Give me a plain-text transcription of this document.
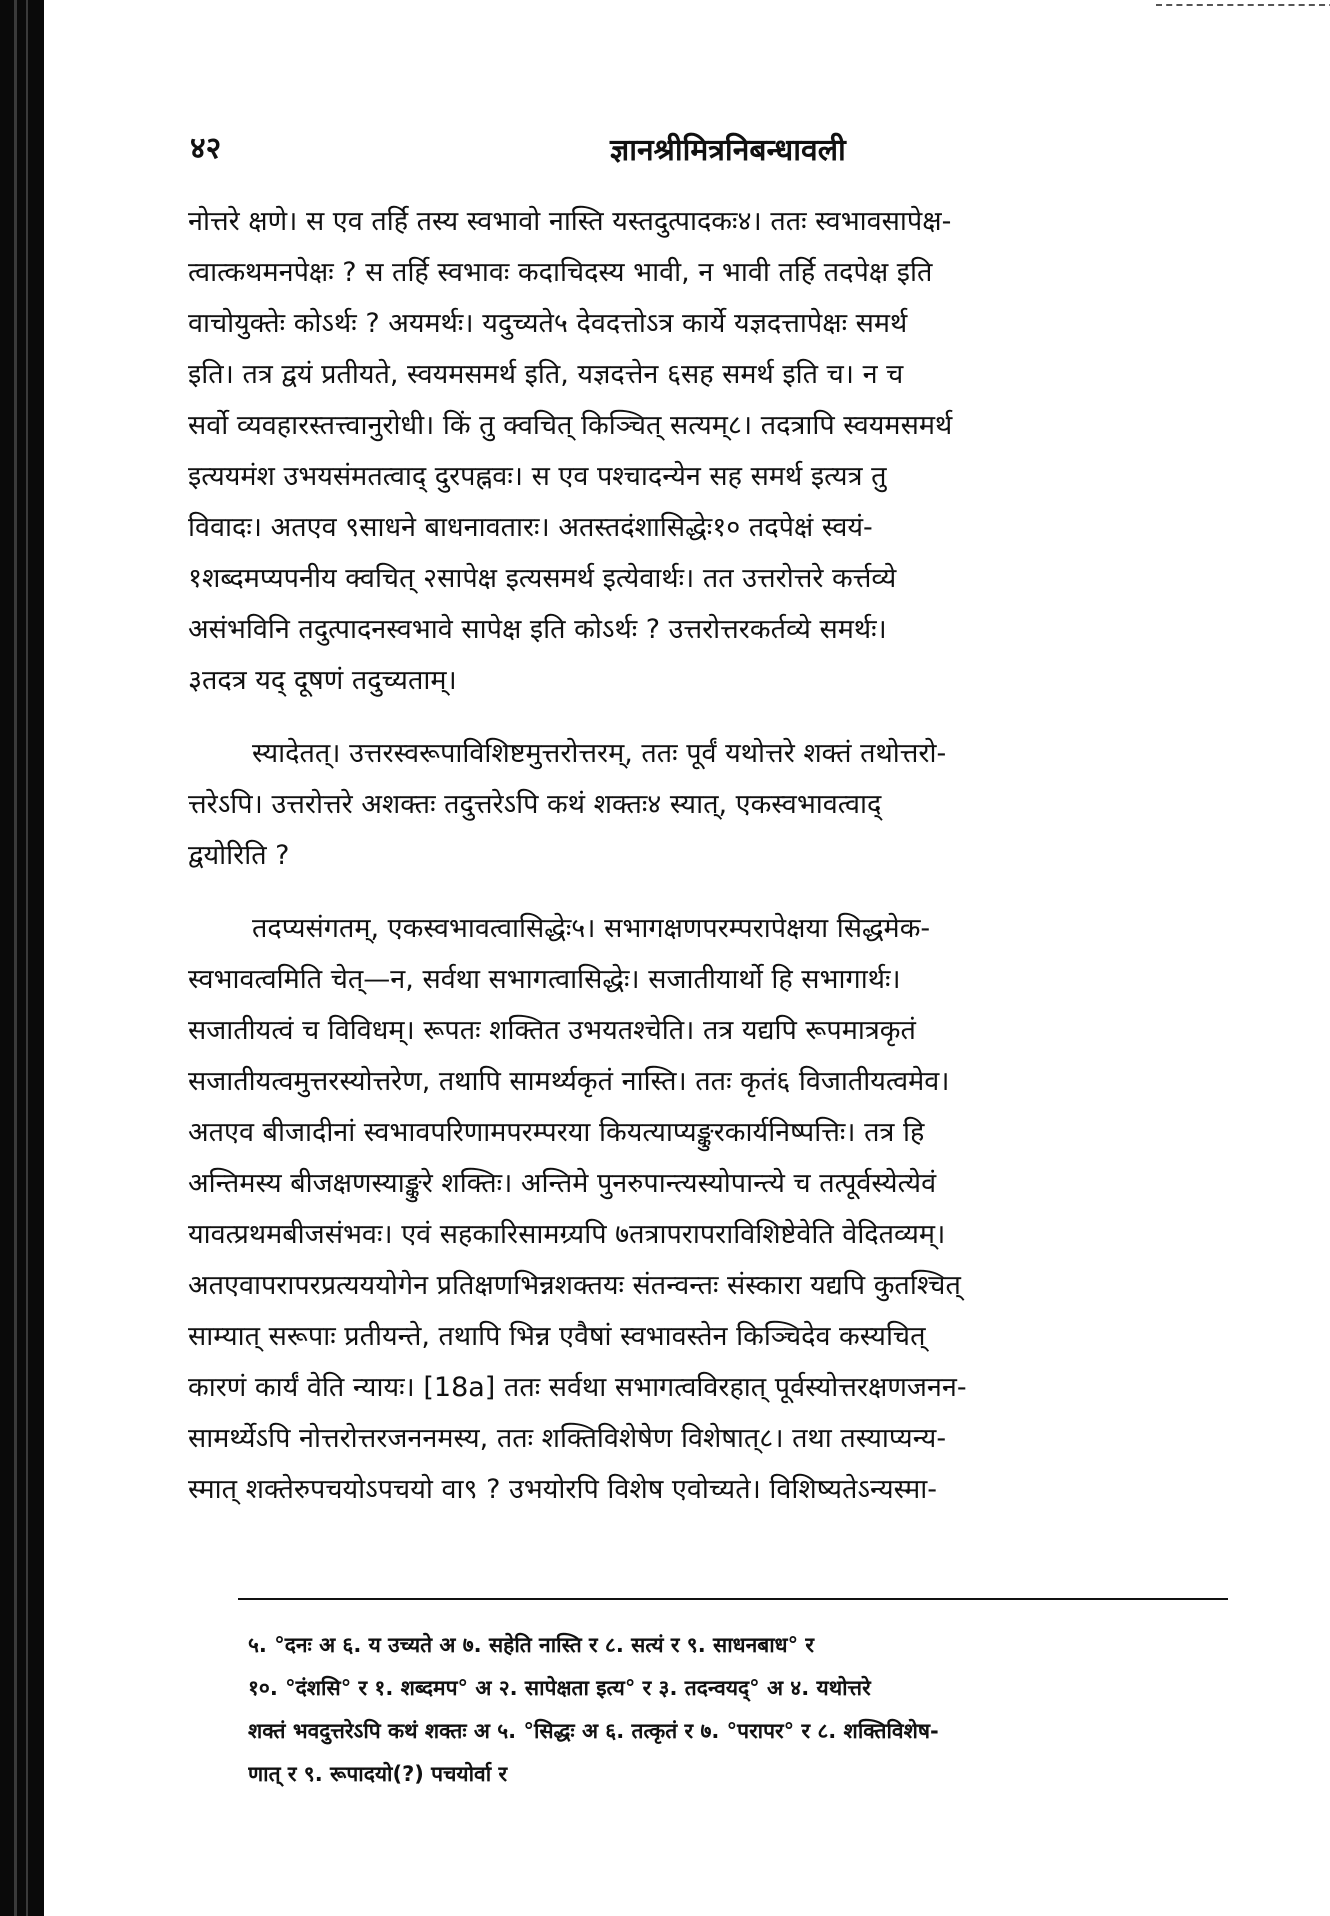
४२	ज्ञानश्रीमित्रनिबन्धावली
नोत्तरे क्षणे। स एव तर्हि तस्य स्वभावो नास्ति यस्तदुत्पादकः४। ततः स्वभावसापेक्ष-
त्वात्कथमनपेक्षः ? स तर्हि स्वभावः कदाचिदस्य भावी, न भावी तर्हि तदपेक्ष इति
वाचोयुक्तेः कोऽर्थः ? अयमर्थः। यदुच्यते५ देवदत्तोऽत्र कार्ये यज्ञदत्तापेक्षः समर्थ
इति। तत्र द्वयं प्रतीयते, स्वयमसमर्थ इति, यज्ञदत्तेन ६सह समर्थ इति च। न च
सर्वो व्यवहारस्तत्त्वानुरोधी। किं तु क्वचित् किञ्चित् सत्यम्८। तदत्रापि स्वयमसमर्थ
इत्ययमंश उभयसंमतत्वाद् दुरपह्नवः। स एव पश्चादन्येन सह समर्थ इत्यत्र तु
विवादः। अतएव ९साधने बाधनावतारः। अतस्तदंशासिद्धेः१० तदपेक्षं स्वयं-
१शब्दमप्यपनीय क्वचित् २सापेक्ष इत्यसमर्थ इत्येवार्थः। तत उत्तरोत्तरे कर्त्तव्ये
असंभविनि तदुत्पादनस्वभावे सापेक्ष इति कोऽर्थः ? उत्तरोत्तरकर्तव्ये समर्थः।
३तदत्र यद् दूषणं तदुच्यताम्।
स्यादेतत्। उत्तरस्वरूपाविशिष्टमुत्तरोत्तरम्, ततः पूर्वं यथोत्तरे शक्तं तथोत्तरो-
त्तरेऽपि। उत्तरोत्तरे अशक्तः तदुत्तरेऽपि कथं शक्तः४ स्यात्, एकस्वभावत्वाद्
द्वयोरिति ?
तदप्यसंगतम्, एकस्वभावत्वासिद्धेः५। सभागक्षणपरम्परापेक्षया सिद्धमेक-
स्वभावत्वमिति चेत्—न, सर्वथा सभागत्वासिद्धेः। सजातीयार्थो हि सभागार्थः।
सजातीयत्वं च विविधम्। रूपतः शक्तित उभयतश्चेति। तत्र यद्यपि रूपमात्रकृतं
सजातीयत्वमुत्तरस्योत्तरेण, तथापि सामर्थ्यकृतं नास्ति। ततः कृतं६ विजातीयत्वमेव।
अतएव बीजादीनां स्वभावपरिणामपरम्परया कियत्याप्यङ्कुरकार्यनिष्पत्तिः। तत्र हि
अन्तिमस्य बीजक्षणस्याङ्कुरे शक्तिः। अन्तिमे पुनरुपान्त्यस्योपान्त्ये च तत्पूर्वस्येत्येवं
यावत्प्रथमबीजसंभवः। एवं सहकारिसामग्र्यपि ७तत्रापरापराविशिष्टेवेति वेदितव्यम्।
अतएवापरापरप्रत्यययोगेन प्रतिक्षणभिन्नशक्तयः संतन्वन्तः संस्कारा यद्यपि कुतश्चित्
साम्यात् सरूपाः प्रतीयन्ते, तथापि भिन्न एवैषां स्वभावस्तेन किञ्चिदेव कस्यचित्
कारणं कार्यं वेति न्यायः। [18a] ततः सर्वथा सभागत्वविरहात् पूर्वस्योत्तरक्षणजनन-
सामर्थ्येऽपि नोत्तरोत्तरजननमस्य, ततः शक्तिविशेषेण विशेषात्८। तथा तस्याप्यन्य-
स्मात् शक्तेरुपचयोऽपचयो वा९ ? उभयोरपि विशेष एवोच्यते। विशिष्यतेऽन्यस्मा-
५. °दनः अ ६. य उच्यते अ ७. सहेति नास्ति र ८. सत्यं र ९. साधनबाध° र
१०. °दंशसि° र १. शब्दमप° अ २. सापेक्षता इत्य° र ३. तदन्वयद्° अ ४. यथोत्तरे
शक्तं भवदुत्तरेऽपि कथं शक्तः अ ५. °सिद्धः अ ६. तत्कृतं र ७. °परापर° र ८. शक्तिविशेष-
णात् र ९. रूपादयो(?) पचयोर्वा र
